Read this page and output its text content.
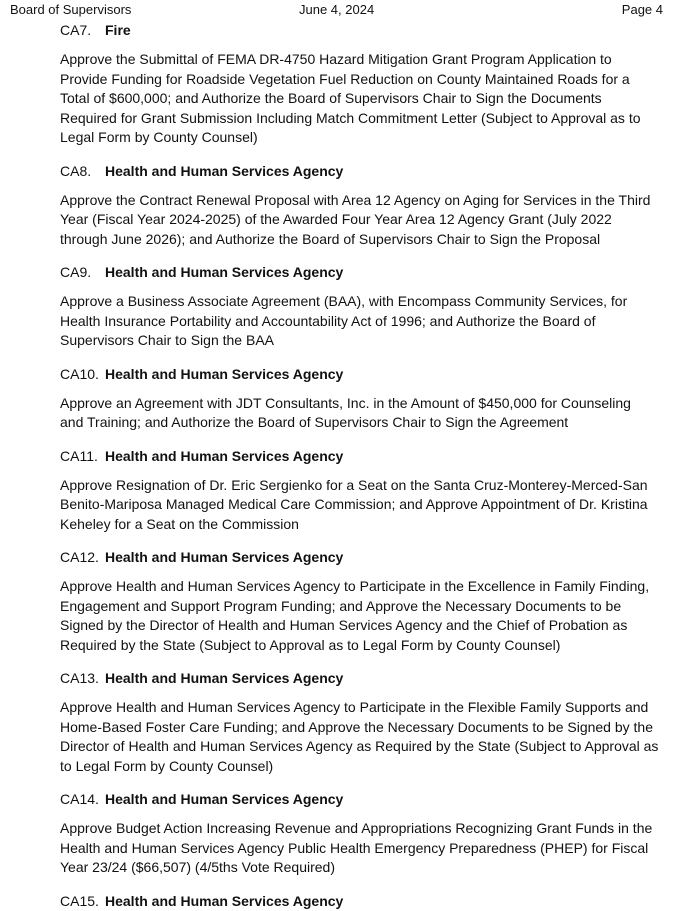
Board of Supervisors	June 4, 2024	Page 4
CA7. Fire
Approve the Submittal of FEMA DR-4750 Hazard Mitigation Grant Program Application to
Provide Funding for Roadside Vegetation Fuel Reduction on County Maintained Roads for a
Total of $600,000; and Authorize the Board of Supervisors Chair to Sign the Documents
Required for Grant Submission Including Match Commitment Letter (Subject to Approval as to
Legal Form by County Counsel)
CA8. Health and Human Services Agency
Approve the Contract Renewal Proposal with Area 12 Agency on Aging for Services in the Third
Year (Fiscal Year 2024-2025) of the Awarded Four Year Area 12 Agency Grant (July 2022
through June 2026); and Authorize the Board of Supervisors Chair to Sign the Proposal
CA9. Health and Human Services Agency
Approve a Business Associate Agreement (BAA), with Encompass Community Services, for
Health Insurance Portability and Accountability Act of 1996; and Authorize the Board of
Supervisors Chair to Sign the BAA
CA10. Health and Human Services Agency
Approve an Agreement with JDT Consultants, Inc. in the Amount of $450,000 for Counseling
and Training; and Authorize the Board of Supervisors Chair to Sign the Agreement
CA11. Health and Human Services Agency
Approve Resignation of Dr. Eric Sergienko for a Seat on the Santa Cruz-Monterey-Merced-San
Benito-Mariposa Managed Medical Care Commission; and Approve Appointment of Dr. Kristina
Keheley for a Seat on the Commission
CA12. Health and Human Services Agency
Approve Health and Human Services Agency to Participate in the Excellence in Family Finding,
Engagement and Support Program Funding; and Approve the Necessary Documents to be
Signed by the Director of Health and Human Services Agency and the Chief of Probation as
Required by the State (Subject to Approval as to Legal Form by County Counsel)
CA13. Health and Human Services Agency
Approve Health and Human Services Agency to Participate in the Flexible Family Supports and
Home-Based Foster Care Funding; and Approve the Necessary Documents to be Signed by the
Director of Health and Human Services Agency as Required by the State (Subject to Approval as
to Legal Form by County Counsel)
CA14. Health and Human Services Agency
Approve Budget Action Increasing Revenue and Appropriations Recognizing Grant Funds in the
Health and Human Services Agency Public Health Emergency Preparedness (PHEP) for Fiscal
Year 23/24 ($66,507) (4/5ths Vote Required)
CA15. Health and Human Services Agency
